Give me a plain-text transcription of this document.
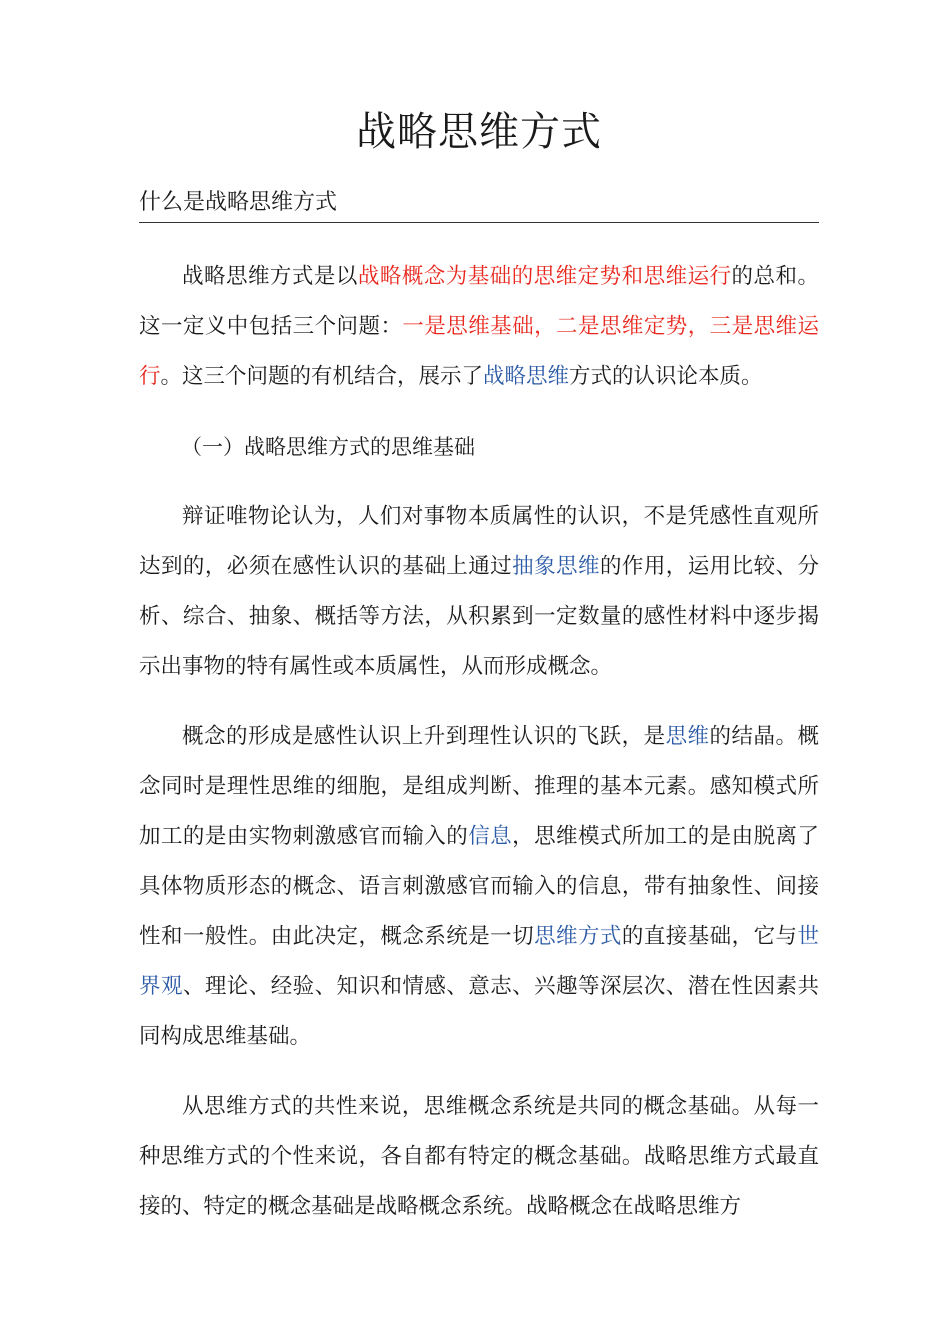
战略思维方式
什么是战略思维方式

战略思维方式是以战略概念为基础的思维定势和思维运行的总和。这一定义中包括三个问题：一是思维基础，二是思维定势，三是思维运行。这三个问题的有机结合，展示了战略思维方式的认识论本质。

（一）战略思维方式的思维基础

辩证唯物论认为，人们对事物本质属性的认识，不是凭感性直观所达到的，必须在感性认识的基础上通过抽象思维的作用，运用比较、分析、综合、抽象、概括等方法，从积累到一定数量的感性材料中逐步揭示出事物的特有属性或本质属性，从而形成概念。

概念的形成是感性认识上升到理性认识的飞跃，是思维的结晶。概念同时是理性思维的细胞，是组成判断、推理的基本元素。感知模式所加工的是由实物刺激感官而输入的信息，思维模式所加工的是由脱离了具体物质形态的概念、语言刺激感官而输入的信息，带有抽象性、间接性和一般性。由此决定，概念系统是一切思维方式的直接基础，它与世界观、理论、经验、知识和情感、意志、兴趣等深层次、潜在性因素共同构成思维基础。

从思维方式的共性来说，思维概念系统是共同的概念基础。从每一种思维方式的个性来说，各自都有特定的概念基础。战略思维方式最直接的、特定的概念基础是战略概念系统。战略概念在战略思维方
